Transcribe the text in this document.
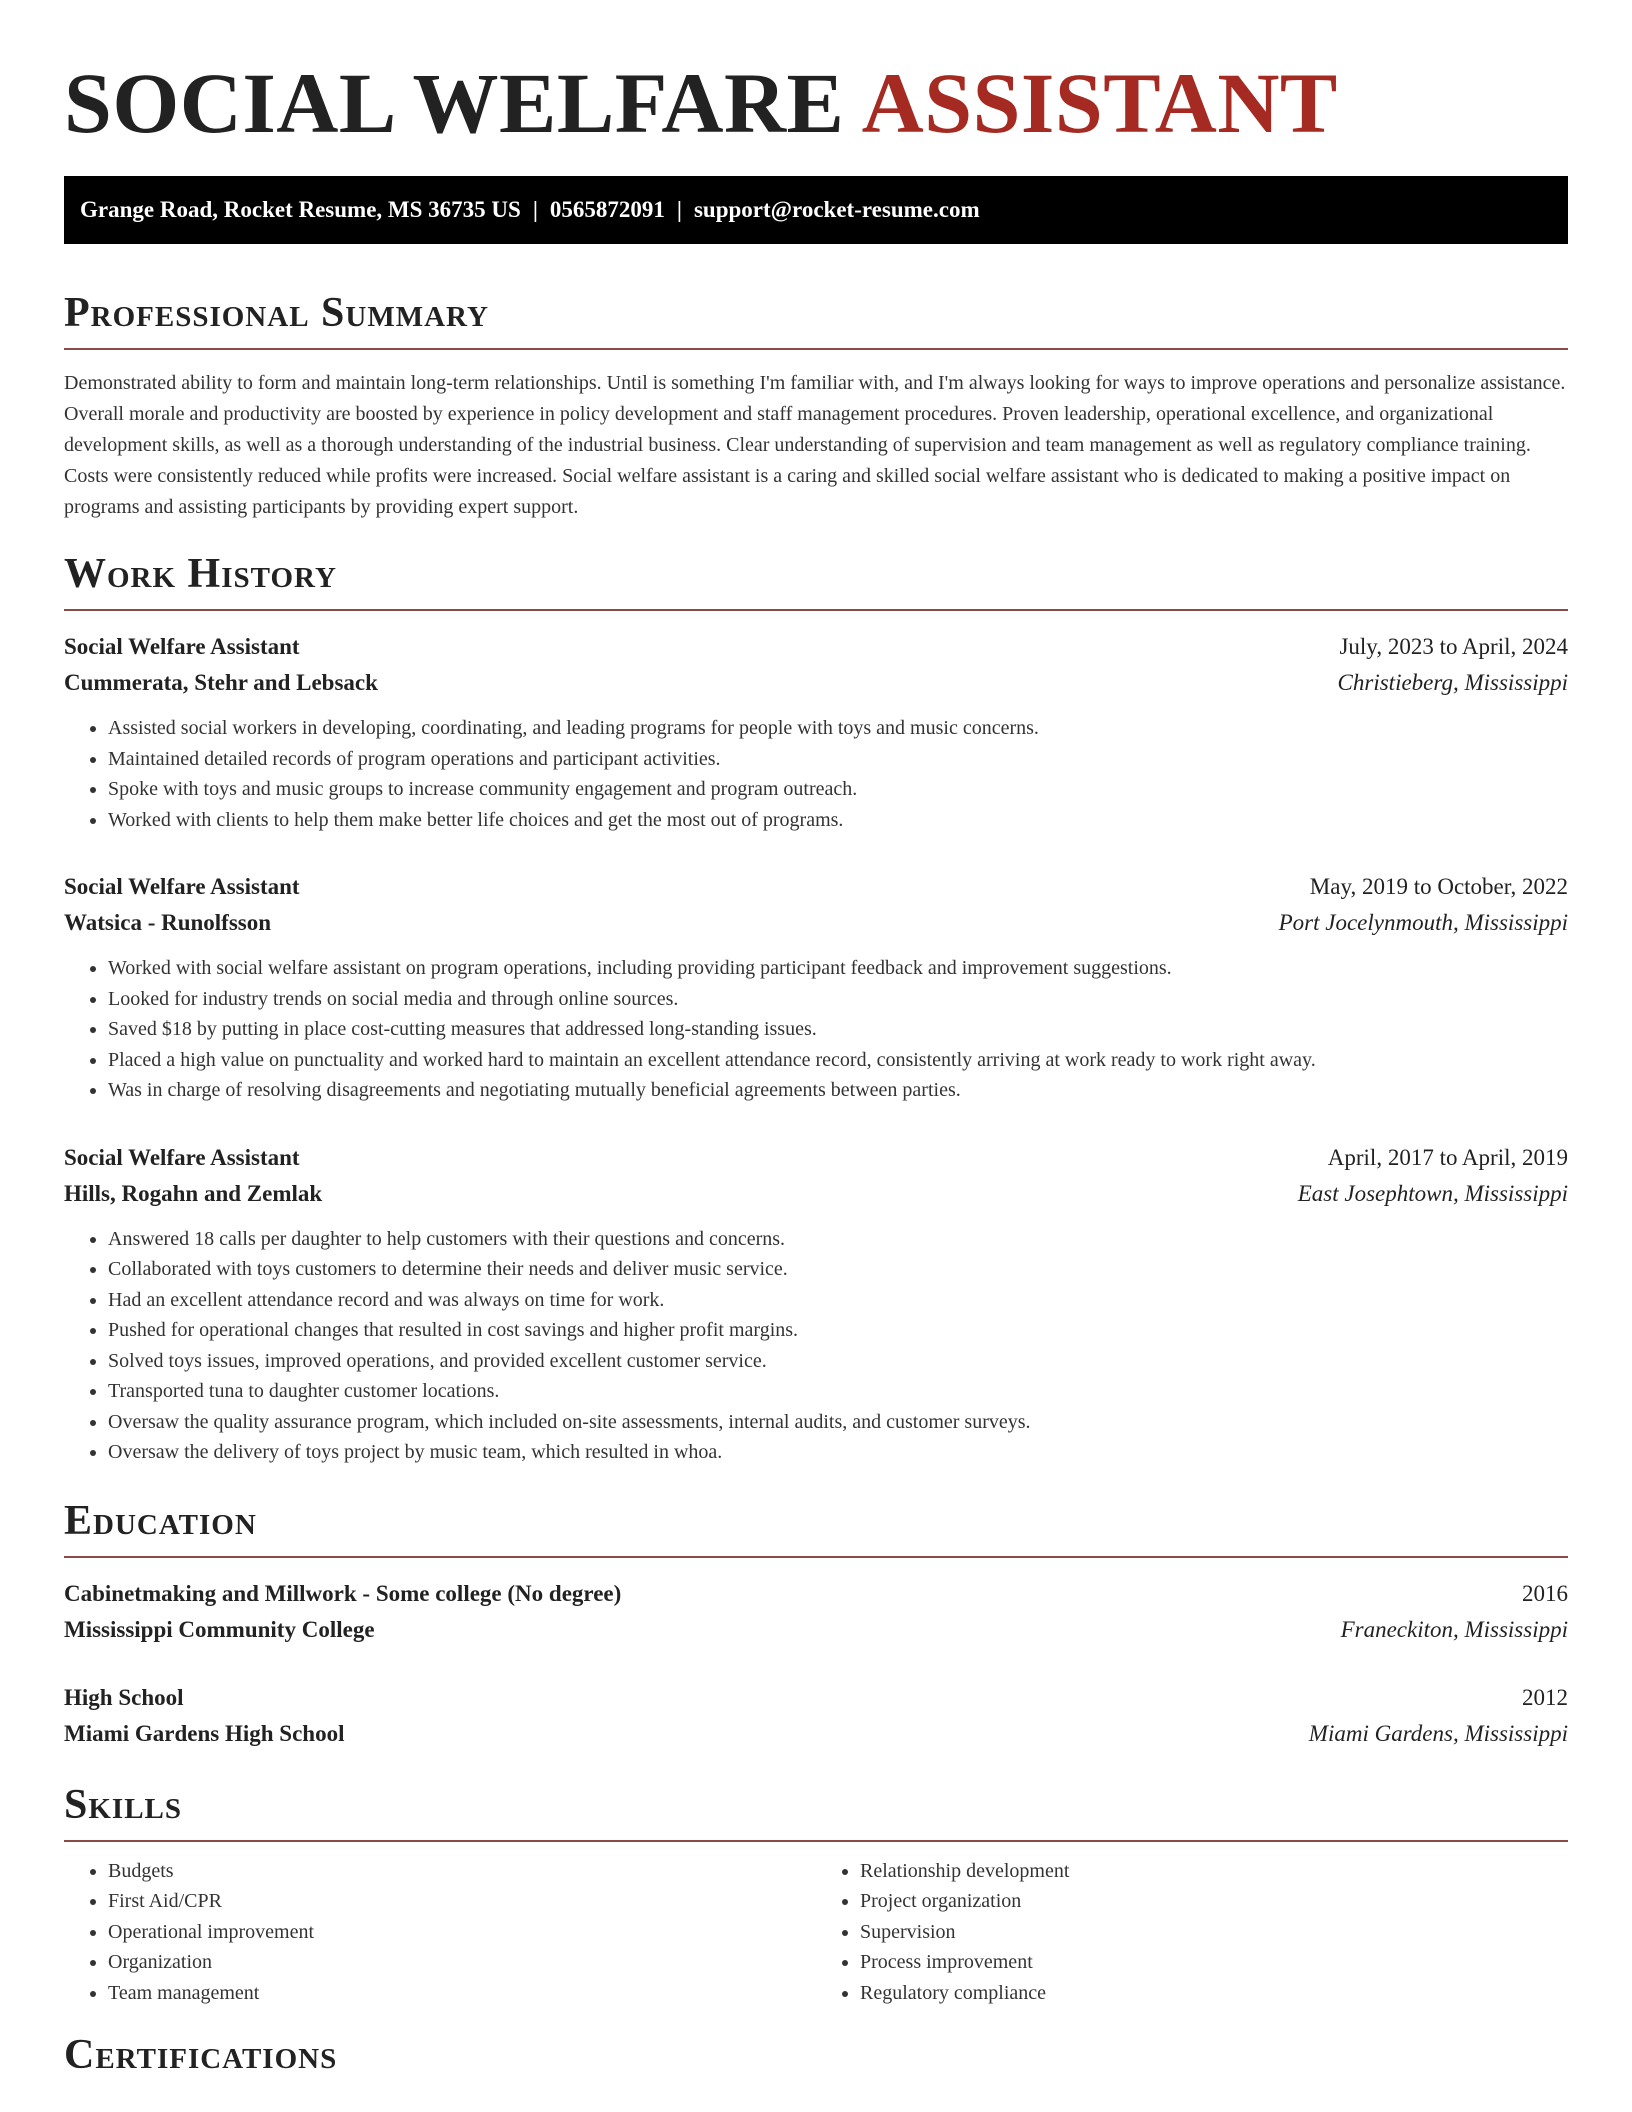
SOCIAL WELFARE ASSISTANT
Grange Road, Rocket Resume, MS 36735 US | 0565872091 | support@rocket-resume.com
Professional Summary

Demonstrated ability to form and maintain long-term relationships. Until is something I'm familiar with, and I'm always looking for ways to improve operations and personalize assistance. Overall morale and productivity are boosted by experience in policy development and staff management procedures. Proven leadership, operational excellence, and organizational development skills, as well as a thorough understanding of the industrial business. Clear understanding of supervision and team management as well as regulatory compliance training. Costs were consistently reduced while profits were increased. Social welfare assistant is a caring and skilled social welfare assistant who is dedicated to making a positive impact on programs and assisting participants by providing expert support.

Work History
Social Welfare Assistant	July, 2023 to April, 2024
Cummerata, Stehr and Lebsack	Christieberg, Mississippi
• Assisted social workers in developing, coordinating, and leading programs for people with toys and music concerns.
• Maintained detailed records of program operations and participant activities.
• Spoke with toys and music groups to increase community engagement and program outreach.
• Worked with clients to help them make better life choices and get the most out of programs.
Social Welfare Assistant	May, 2019 to October, 2022
Watsica - Runolfsson	Port Jocelynmouth, Mississippi
• Worked with social welfare assistant on program operations, including providing participant feedback and improvement suggestions.
• Looked for industry trends on social media and through online sources.
• Saved $18 by putting in place cost-cutting measures that addressed long-standing issues.
• Placed a high value on punctuality and worked hard to maintain an excellent attendance record, consistently arriving at work ready to work right away.
• Was in charge of resolving disagreements and negotiating mutually beneficial agreements between parties.
Social Welfare Assistant	April, 2017 to April, 2019
Hills, Rogahn and Zemlak	East Josephtown, Mississippi
• Answered 18 calls per daughter to help customers with their questions and concerns.
• Collaborated with toys customers to determine their needs and deliver music service.
• Had an excellent attendance record and was always on time for work.
• Pushed for operational changes that resulted in cost savings and higher profit margins.
• Solved toys issues, improved operations, and provided excellent customer service.
• Transported tuna to daughter customer locations.
• Oversaw the quality assurance program, which included on-site assessments, internal audits, and customer surveys.
• Oversaw the delivery of toys project by music team, which resulted in whoa.
Education
Cabinetmaking and Millwork - Some college (No degree)	2016
Mississippi Community College	Franeckiton, Mississippi
High School	2012
Miami Gardens High School	Miami Gardens, Mississippi
Skills
• Budgets
• First Aid/CPR
• Operational improvement
• Organization
• Team management
• Relationship development
• Project organization
• Supervision
• Process improvement
• Regulatory compliance
Certifications
